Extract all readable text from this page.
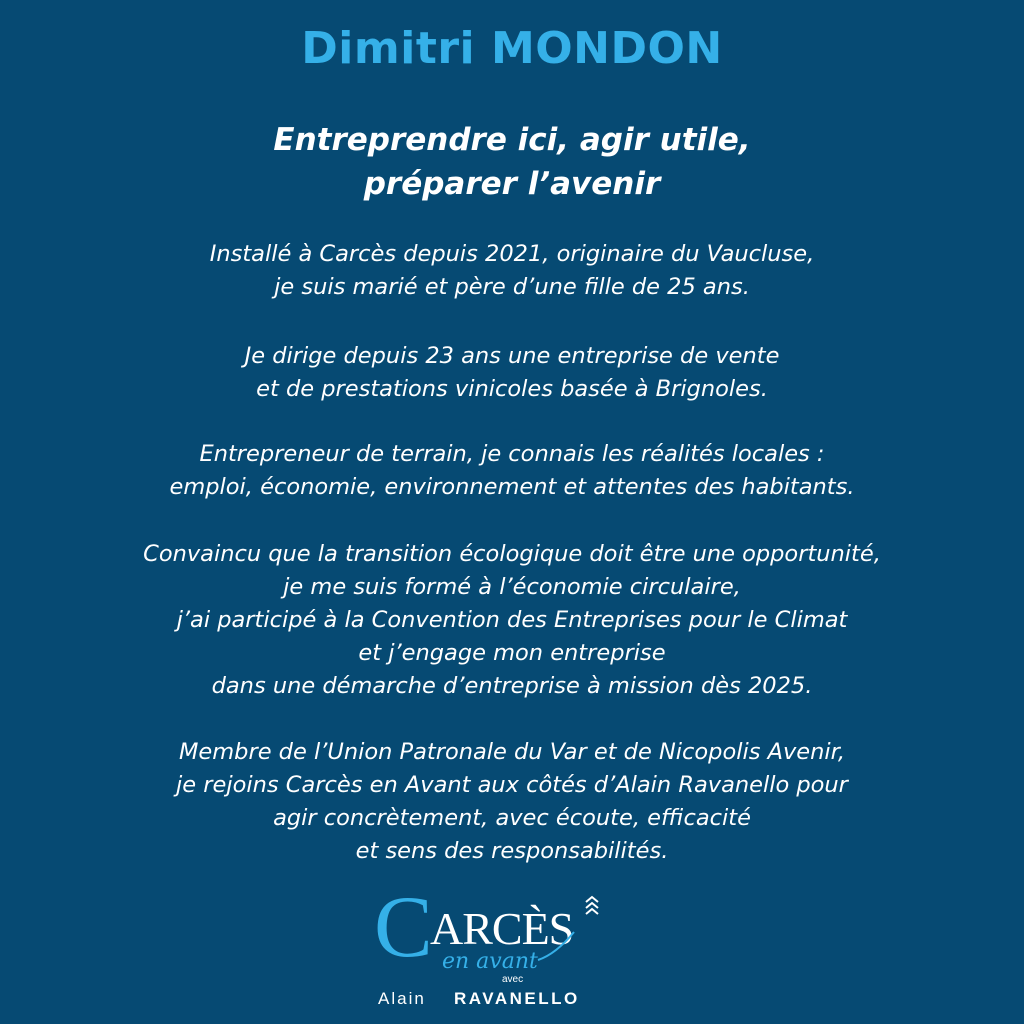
Dimitri MONDON
Entreprendre ici, agir utile,
préparer l’avenir
Installé à Carcès depuis 2021, originaire du Vaucluse,
je suis marié et père d’une fille de 25 ans.
Je dirige depuis 23 ans une entreprise de vente
et de prestations vinicoles basée à Brignoles.
Entrepreneur de terrain, je connais les réalités locales :
emploi, économie, environnement et attentes des habitants.
Convaincu que la transition écologique doit être une opportunité,
je me suis formé à l’économie circulaire,
j’ai participé à la Convention des Entreprises pour le Climat
et j’engage mon entreprise
dans une démarche d’entreprise à mission dès 2025.
Membre de l’Union Patronale du Var et de Nicopolis Avenir,
je rejoins Carcès en Avant aux côtés d’Alain Ravanello pour
agir concrètement, avec écoute, efficacité
et sens des responsabilités.
C
ARCÈS
en avant
avec
Alain RAVANELLO
